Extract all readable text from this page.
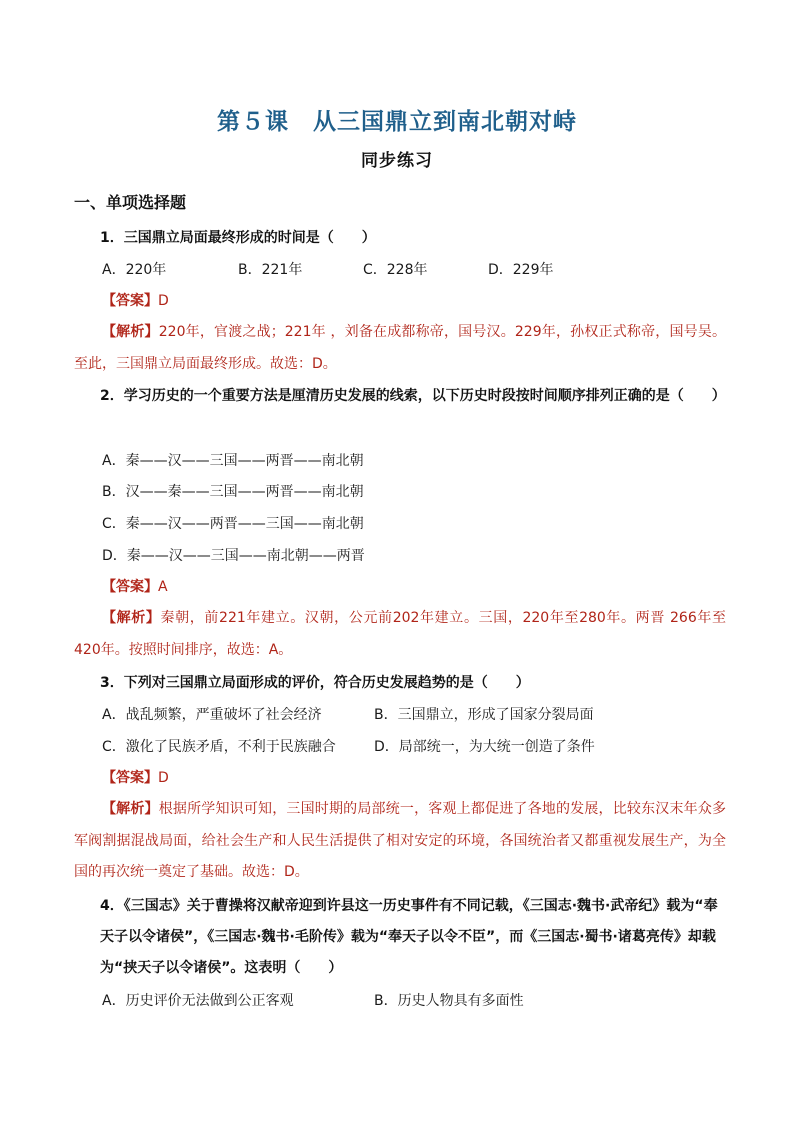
第５课　从三国鼎立到南北朝对峙
同步练习
一、单项选择题
1．三国鼎立局面最终形成的时间是（　　）
A．220年	B．221年	C．228年	D．229年
【答案】D
【解析】220年，官渡之战；221年 ，刘备在成都称帝，国号汉。229年，孙权正式称帝，国号吴。至此，三国鼎立局面最终形成。故选：D。
2．学习历史的一个重要方法是厘清历史发展的线索，以下历史时段按时间顺序排列正确的是（　　）
A．秦——汉——三国——两晋——南北朝
B．汉——秦——三国——两晋——南北朝
C．秦——汉——两晋——三国——南北朝
D．秦——汉——三国——南北朝——两晋
【答案】A
【解析】秦朝，前221年建立。汉朝，公元前202年建立。三国，220年至280年。两晋 266年至 420年。按照时间排序，故选：A。
3．下列对三国鼎立局面形成的评价，符合历史发展趋势的是（　　）
A．战乱频繁，严重破坏了社会经济	B．三国鼎立，形成了国家分裂局面
C．激化了民族矛盾，不利于民族融合	D．局部统一，为大统一创造了条件
【答案】D
【解析】根据所学知识可知，三国时期的局部统一，客观上都促进了各地的发展，比较东汉末年众多军阀割据混战局面，给社会生产和人民生活提供了相对安定的环境，各国统治者又都重视发展生产，为全国的再次统一奠定了基础。故选：D。
4．《三国志》关于曹操将汉献帝迎到许县这一历史事件有不同记载，《三国志·魏书·武帝纪》载为“奉天子以令诸侯”，《三国志·魏书·毛阶传》载为“奉天子以令不臣”，而《三国志·蜀书·诸葛亮传》却载为“挟天子以令诸侯”。这表明（　　）
A．历史评价无法做到公正客观	B．历史人物具有多面性
